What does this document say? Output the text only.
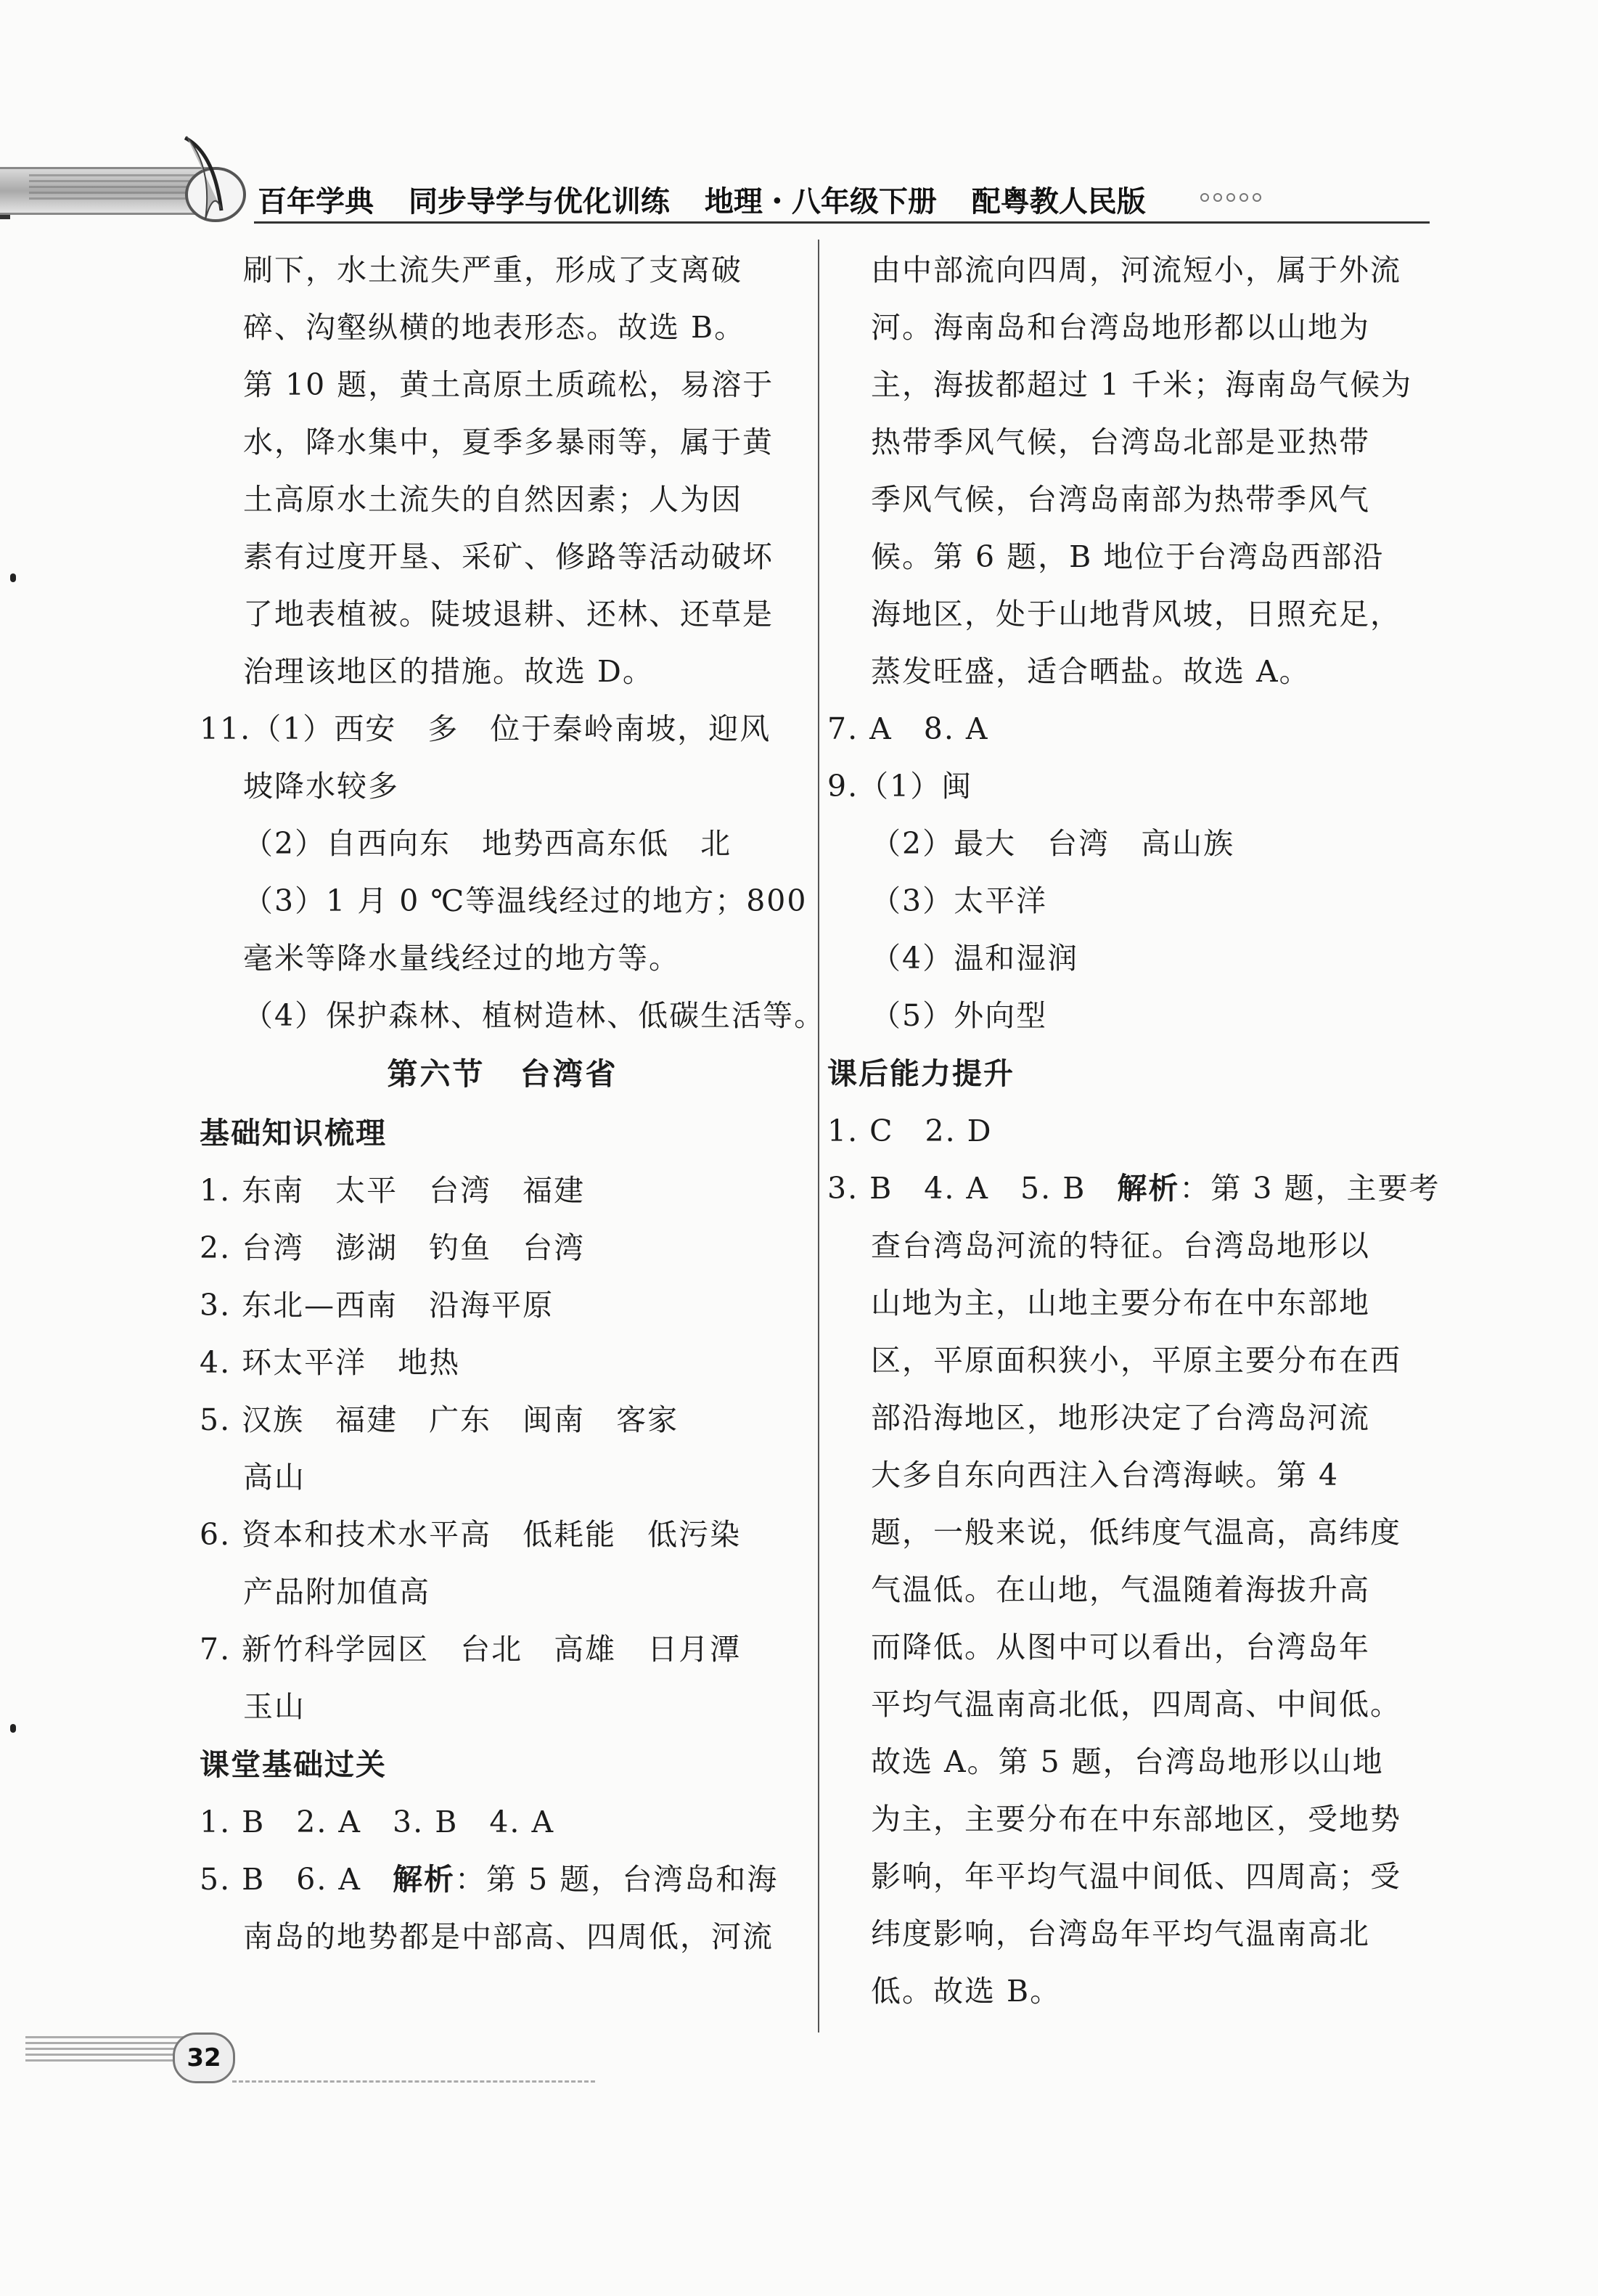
百年学典 同步导学与优化训练 地理・八年级下册 配粤教人民版
刷下，水土流失严重，形成了支离破
碎、沟壑纵横的地表形态。故选 B。
第 10 题，黄土高原土质疏松，易溶于
水，降水集中，夏季多暴雨等，属于黄
土高原水土流失的自然因素；人为因
素有过度开垦、采矿、修路等活动破坏
了地表植被。陡坡退耕、还林、还草是
治理该地区的措施。故选 D。
11.（1）西安　多　位于秦岭南坡，迎风
坡降水较多
（2）自西向东　地势西高东低　北
（3）1 月 0 ℃等温线经过的地方；800
毫米等降水量线经过的地方等。
（4）保护森林、植树造林、低碳生活等。
第六节 台湾省
基础知识梳理
1. 东南　太平　台湾　福建
2. 台湾　澎湖　钓鱼　台湾
3. 东北—西南　沿海平原
4. 环太平洋　地热
5. 汉族　福建　广东　闽南　客家
高山
6. 资本和技术水平高　低耗能　低污染
产品附加值高
7. 新竹科学园区　台北　高雄　日月潭
玉山
课堂基础过关
1. B　2. A　3. B　4. A
5. B　6. A　解析：第 5 题，台湾岛和海
南岛的地势都是中部高、四周低，河流
由中部流向四周，河流短小，属于外流
河。海南岛和台湾岛地形都以山地为
主，海拔都超过 1 千米；海南岛气候为
热带季风气候，台湾岛北部是亚热带
季风气候，台湾岛南部为热带季风气
候。第 6 题，B 地位于台湾岛西部沿
海地区，处于山地背风坡，日照充足，
蒸发旺盛，适合晒盐。故选 A。
7. A　8. A
9.（1）闽
（2）最大　台湾　高山族
（3）太平洋
（4）温和湿润
（5）外向型
课后能力提升
1. C　2. D
3. B　4. A　5. B　解析：第 3 题，主要考
查台湾岛河流的特征。台湾岛地形以
山地为主，山地主要分布在中东部地
区，平原面积狭小，平原主要分布在西
部沿海地区，地形决定了台湾岛河流
大多自东向西注入台湾海峡。第 4
题，一般来说，低纬度气温高，高纬度
气温低。在山地，气温随着海拔升高
而降低。从图中可以看出，台湾岛年
平均气温南高北低，四周高、中间低。
故选 A。第 5 题，台湾岛地形以山地
为主，主要分布在中东部地区，受地势
影响，年平均气温中间低、四周高；受
纬度影响，台湾岛年平均气温南高北
低。故选 B。
32
